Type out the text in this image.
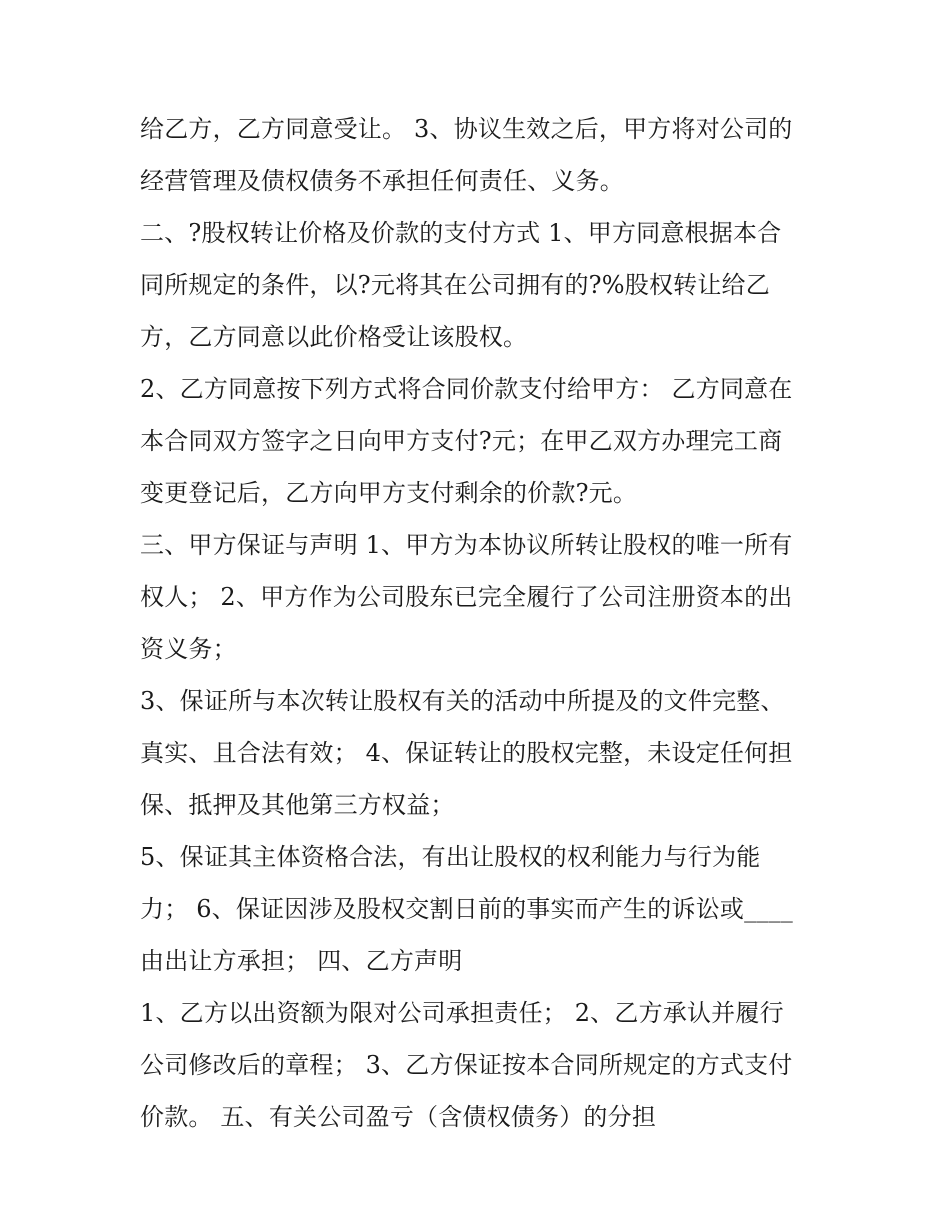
给乙方，乙方同意受让。 3、协议生效之后，甲方将对公司的
经营管理及债权债务不承担任何责任、义务。
二、?股权转让价格及价款的支付方式 1、甲方同意根据本合
同所规定的条件，以?元将其在公司拥有的?%股权转让给乙
方，乙方同意以此价格受让该股权。
2、乙方同意按下列方式将合同价款支付给甲方： 乙方同意在
本合同双方签字之日向甲方支付?元；在甲乙双方办理完工商
变更登记后，乙方向甲方支付剩余的价款?元。
三、甲方保证与声明 1、甲方为本协议所转让股权的唯一所有
权人； 2、甲方作为公司股东已完全履行了公司注册资本的出
资义务；
3、保证所与本次转让股权有关的活动中所提及的文件完整、
真实、且合法有效； 4、保证转让的股权完整，未设定任何担
保、抵押及其他第三方权益；
5、保证其主体资格合法，有出让股权的权利能力与行为能
力； 6、保证因涉及股权交割日前的事实而产生的诉讼或____
由出让方承担； 四、乙方声明
1、乙方以出资额为限对公司承担责任； 2、乙方承认并履行
公司修改后的章程； 3、乙方保证按本合同所规定的方式支付
价款。 五、有关公司盈亏（含债权债务）的分担
